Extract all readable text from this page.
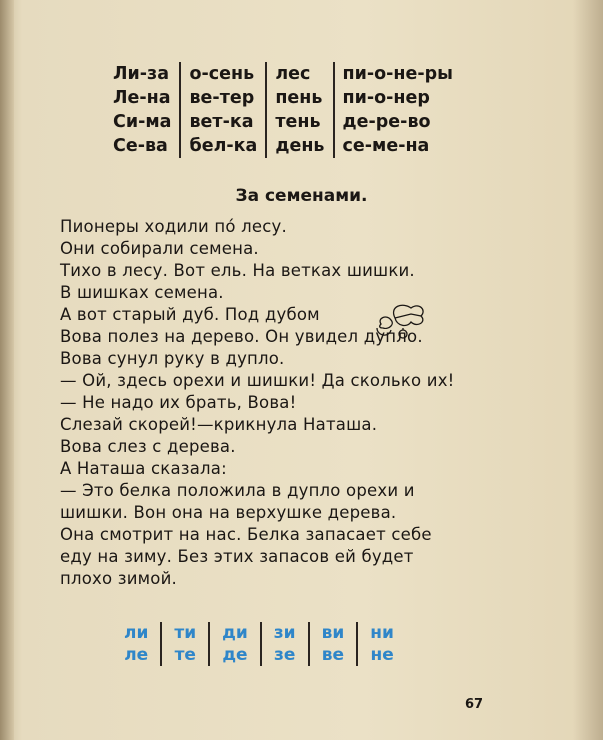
Ли-за
Ле-на
Си-ма
Се-ва
о-сень
ве-тер
вет-ка
бел-ка
лес
пень
тень
день
пи-о-не-ры
пи-о-нер
де-ре-во
се-ме-на
За семенами.
Пионеры ходили по́ лесу.
Они собирали семена.
Тихо в лесу. Вот ель. На ветках шишки.
В шишках семена.
А вот старый дуб. Под дубом
Вова полез на дерево. Он увидел дупло.
Вова сунул руку в дупло.
— Ой, здесь орехи и шишки! Да сколько их!
— Не надо их брать, Вова!
Слезай скорей!—крикнула Наташа.
Вова слез с дерева.
А Наташа сказала:
— Это белка положила в дупло орехи и
шишки. Вон она на верхушке дерева.
Она смотрит на нас. Белка запасает себе
еду на зиму. Без этих запасов ей будет
плохо зимой.
ли
ле
ти
те
ди
де
зи
зе
ви
ве
ни
не
67
